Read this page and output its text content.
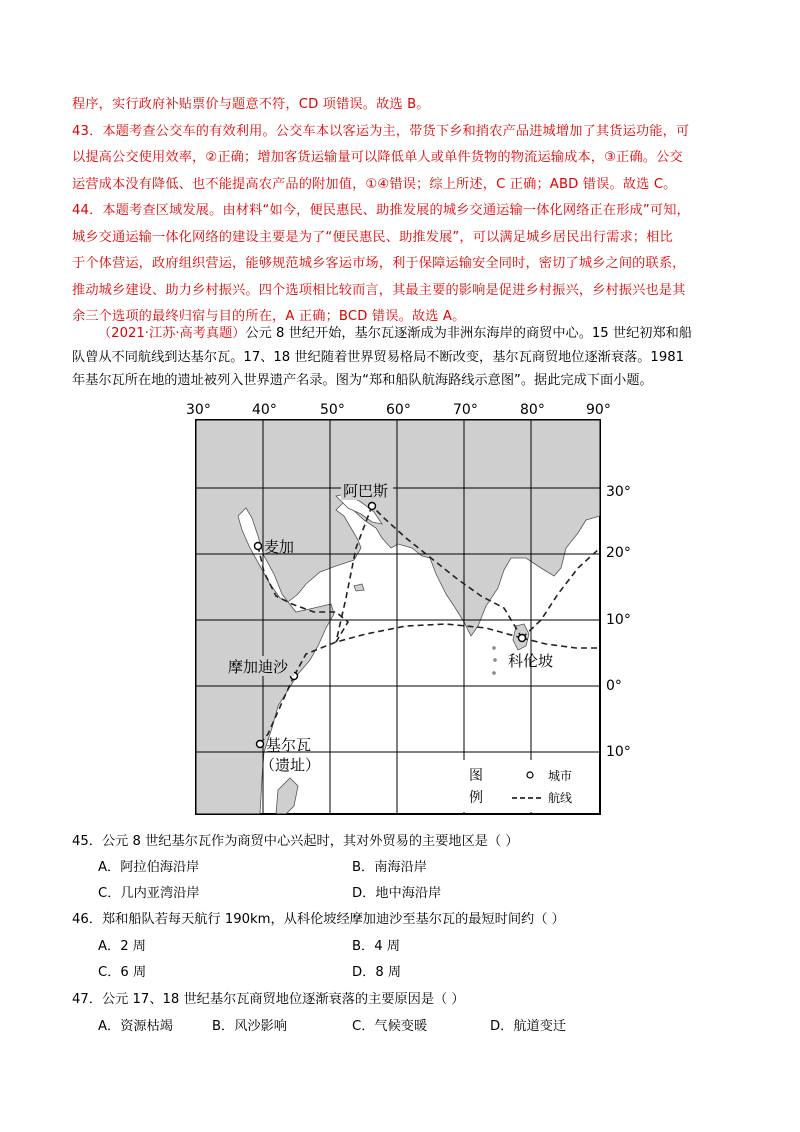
程序，实行政府补贴票价与题意不符，CD 项错误。故选 B。

43．本题考查公交车的有效利用。公交车本以客运为主，带货下乡和捎农产品进城增加了其货运功能，可

以提高公交使用效率，②正确；增加客货运输量可以降低单人或单件货物的物流运输成本，③正确。公交

运营成本没有降低、也不能提高农产品的附加值，①④错误；综上所述，C 正确；ABD 错误。故选 C。

44．本题考查区域发展。由材料“如今，便民惠民、助推发展的城乡交通运输一体化网络正在形成”可知，

城乡交通运输一体化网络的建设主要是为了“便民惠民、助推发展”，可以满足城乡居民出行需求；相比

于个体营运，政府组织营运，能够规范城乡客运市场，利于保障运输安全同时，密切了城乡之间的联系，

推动城乡建设、助力乡村振兴。四个选项相比较而言，其最主要的影响是促进乡村振兴，乡村振兴也是其

余三个选项的最终归宿与目的所在，A 正确；BCD 错误。故选 A。

（2021·江苏·高考真题）公元 8 世纪开始，基尔瓦逐渐成为非洲东海岸的商贸中心。15 世纪初郑和船

队曾从不同航线到达基尔瓦。17、18 世纪随着世界贸易格局不断改变，基尔瓦商贸地位逐渐衰落。1981

年基尔瓦所在地的遗址被列入世界遗产名录。图为“郑和船队航海路线示意图”。据此完成下面小题。

30°	40°	50°	60°	70°	80°	90°
30°
20°
10°
0°
10°
阿巴斯
麦加
摩加迪沙	科伦坡
基尔瓦
（遗址）
图
例
城市
航线
45．公元 8 世纪基尔瓦作为商贸中心兴起时，其对外贸易的主要地区是（ ）
A．阿拉伯海沿岸	B．南海沿岸
C．几内亚湾沿岸	D．地中海沿岸
46．郑和船队若每天航行 190km，从科伦坡经摩加迪沙至基尔瓦的最短时间约（ ）
A．2 周	B．4 周
C．6 周	D．8 周
47．公元 17、18 世纪基尔瓦商贸地位逐渐衰落的主要原因是（ ）
A．资源枯竭	B．风沙影响	C．气候变暖	D．航道变迁
